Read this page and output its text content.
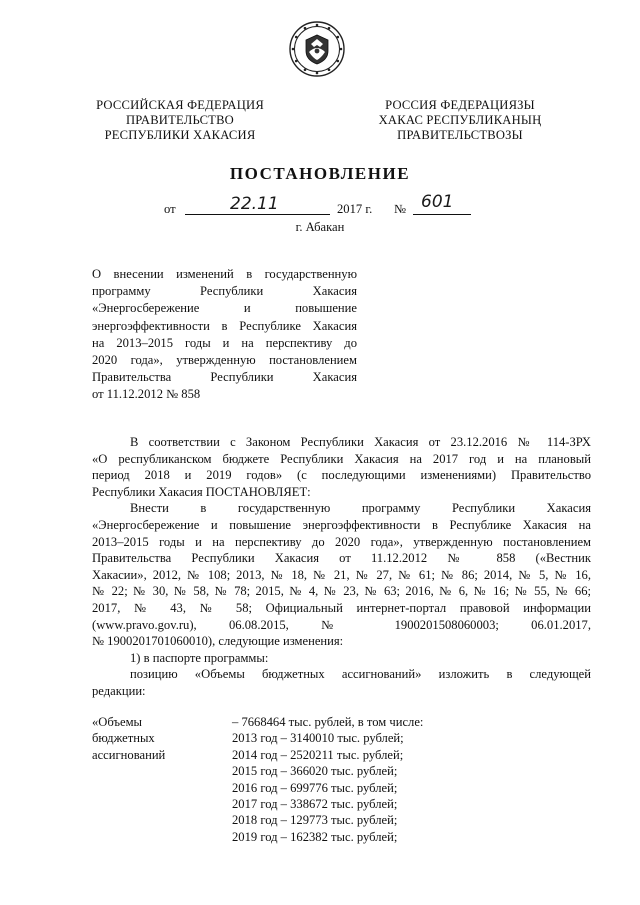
РОССИЙСКАЯ ФЕДЕРАЦИЯ
ПРАВИТЕЛЬСТВО
РЕСПУБЛИКИ ХАКАСИЯ
РОССИЯ ФЕДЕРАЦИЯЗЫ
ХАКАС РЕСПУБЛИКАНЫҢ
ПРАВИТЕЛЬСТВОЗЫ
ПОСТАНОВЛЕНИЕ
от	22.11	2017 г. № 601
г. Абакан
О внесении изменений в государственную
программу Республики Хакасия
«Энергосбережение и повышение
энергоэффективности в Республике Хакасия
на 2013–2015 годы и на перспективу до
2020 года», утвержденную постановлением
Правительства Республики Хакасия
от 11.12.2012 № 858
В соответствии с Законом Республики Хакасия от 23.12.2016 № 114-ЗРХ
«О республиканском бюджете Республики Хакасия на 2017 год и на плановый
период 2018 и 2019 годов» (с последующими изменениями) Правительство
Республики Хакасия ПОСТАНОВЛЯЕТ:
Внести в государственную программу Республики Хакасия
«Энергосбережение и повышение энергоэффективности в Республике Хакасия на
2013–2015 годы и на перспективу до 2020 года», утвержденную постановлением
Правительства Республики Хакасия от 11.12.2012 № 858 («Вестник
Хакасии», 2012, № 108; 2013, № 18, № 21, № 27, № 61; № 86; 2014, № 5, № 16,
№ 22; № 30, № 58, № 78; 2015, № 4, № 23, № 63; 2016, № 6, № 16; № 55, № 66;
2017, № 43, № 58; Официальный интернет-портал правовой информации
(www.pravo.gov.ru), 06.08.2015, № 1900201508060003; 06.01.2017,
№ 1900201701060010), следующие изменения:
1) в паспорте программы:
позицию «Объемы бюджетных ассигнований» изложить в следующей
редакции:
«Объемы
бюджетных
ассигнований
– 7668464 тыс. рублей, в том числе:
2013 год – 3140010 тыс. рублей;
2014 год – 2520211 тыс. рублей;
2015 год – 366020 тыс. рублей;
2016 год – 699776 тыс. рублей;
2017 год – 338672 тыс. рублей;
2018 год – 129773 тыс. рублей;
2019 год – 162382 тыс. рублей;
